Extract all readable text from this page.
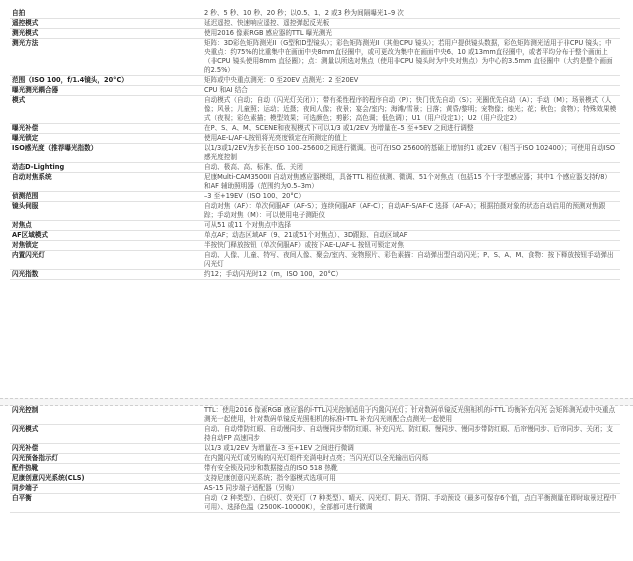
自拍	2 秒、5 秒、10 秒、20 秒；以0.5、1、2 或3 秒为间隔曝光1–9 次
遥控模式	延迟遥控、快速响应遥控、遥控弹起反光板
测光模式	使用2016 像素RGB 感应器的TTL 曝光测光
测光方法	矩阵：3D彩色矩阵测光II（G型和D型镜头）；彩色矩阵测光II（其他CPU 镜头）；若用户提供镜头数据，彩色矩阵测光适用于非CPU 镜头；中央重点：约75%的比重集中在画面中央8mm直径圈中，或可更改为集中在画面中央6、10 或13mm直径圈中，或者平均分布于整个画面上（非CPU 镜头使用8mm 直径圈）；点：测量以所选对焦点（使用非CPU 镜头时为中央对焦点）为中心的3.5mm 直径圈中（大约是整个画面的2.5%）
范围（ISO 100，f/1.4镜头，20°C）	矩阵或中央重点测光：0 至20EV 点测光：2 至20EV
曝光测光耦合器	CPU 和AI 结合
模式	自动模式（自动；自动（闪光灯关闭））；带有柔性程序的程序自动（P）；快门优先自动（S）；光圈优先自动（A）；手动（M）；场景模式（人像；风景；儿童照；运动；近摄；夜间人像；夜景；宴会/室内；海滩/雪景；日落；黄昏/黎明；宠物像；烛光；花；秋色；食物）；特殊效果模式（夜视；彩色素描；模型效果；可选颜色；剪影；高色调；低色调）；U1（用户设定1）；U2（用户设定2）
曝光补偿	在P、S、A、M、SCENE和夜视模式下可以1/3 或1/2EV 为增量在–5 至+5EV 之间进行调整
曝光锁定	使用AE-L/AF-L按钮将光亮度锁定在所测定的值上
ISO感光度（推荐曝光指数）	以1/3或1/2EV为步长在ISO 100–25600之间进行微调。也可在ISO 25600的基础上增加约1 或2EV（相当于ISO 102400）；可使用自动ISO 感光度控制
动态D-Lighting	自动、极高、高、标准、低、关闭
自动对焦系统	尼康Multi-CAM3500II 自动对焦感应器模组，具备TTL 相位侦测、微调、51个对焦点（包括15 个十字型感应器；其中1 个感应器支持f/8）和AF 辅助照明器（范围约为0.5–3m）
侦测范围	–3 至+19EV（ISO 100、20°C）
镜头伺服	自动对焦（AF）：单次伺服AF（AF-S）；连续伺服AF（AF-C）；自动AF-S/AF-C 选择（AF-A）；根据拍摄对象的状态自动启用的预测对焦跟踪；手动对焦（M）：可以使用电子测距仪
对焦点	可从51 或11 个对焦点中选择
AF区域模式	单点AF；动态区域AF（9、21或51个对焦点）、3D跟踪、自动区域AF
对焦锁定	半按快门释放按钮（单次伺服AF）或按下AE-L/AF-L 按钮可锁定对焦
内置闪光灯	自动、人像、儿童、特写、夜间人像、聚会/室内、宠物照片、彩色素描：自动弹出型自动闪光；P、S、A、M、食物：按下释放按钮手动弹出闪光灯
闪光指数	约12；手动闪光时12（m，ISO 100，20°C）
闪光控制	TTL：使用2016 像素RGB 感应器的i-TTL闪光控制适用于内置闪光灯；针对数码单镜反光照相机的i-TTL 均衡补充闪光 会矩阵测光或中央重点测光一起使用，针对数码单镜反光照相机的标准i-TTL 补充闪光则配合点测光一起使用
闪光模式	自动、自动带防红眼、自动慢同步、自动慢同步带防红眼、补充闪光、防红眼、慢同步、慢同步带防红眼、后帘慢同步、后帘同步、关闭；支持自动FP 高速同步
闪光补偿	以1/3 或1/2EV 为增量在–3 至+1EV 之间进行微调
闪光预备指示灯	在内置闪光灯或另购的闪光灯组件充满电时点亮；当闪光灯以全光输出后闪烁
配件热靴	带有安全锁及同步和数据接点的ISO 518 热靴
尼康创意闪光系统(CLS)	支持尼康创意闪光系统；指令器模式选项可用
同步端子	AS-15 同步端子适配器（另购）
白平衡	自动（2 种类型）、白炽灯、荧光灯（7 种类型）、晴天、闪光灯、阴天、背阴、手动预设（最多可保存6个值，点白平衡测量在即时取景过程中可用）、选择色温（2500K–10000K），全部都可进行微调
